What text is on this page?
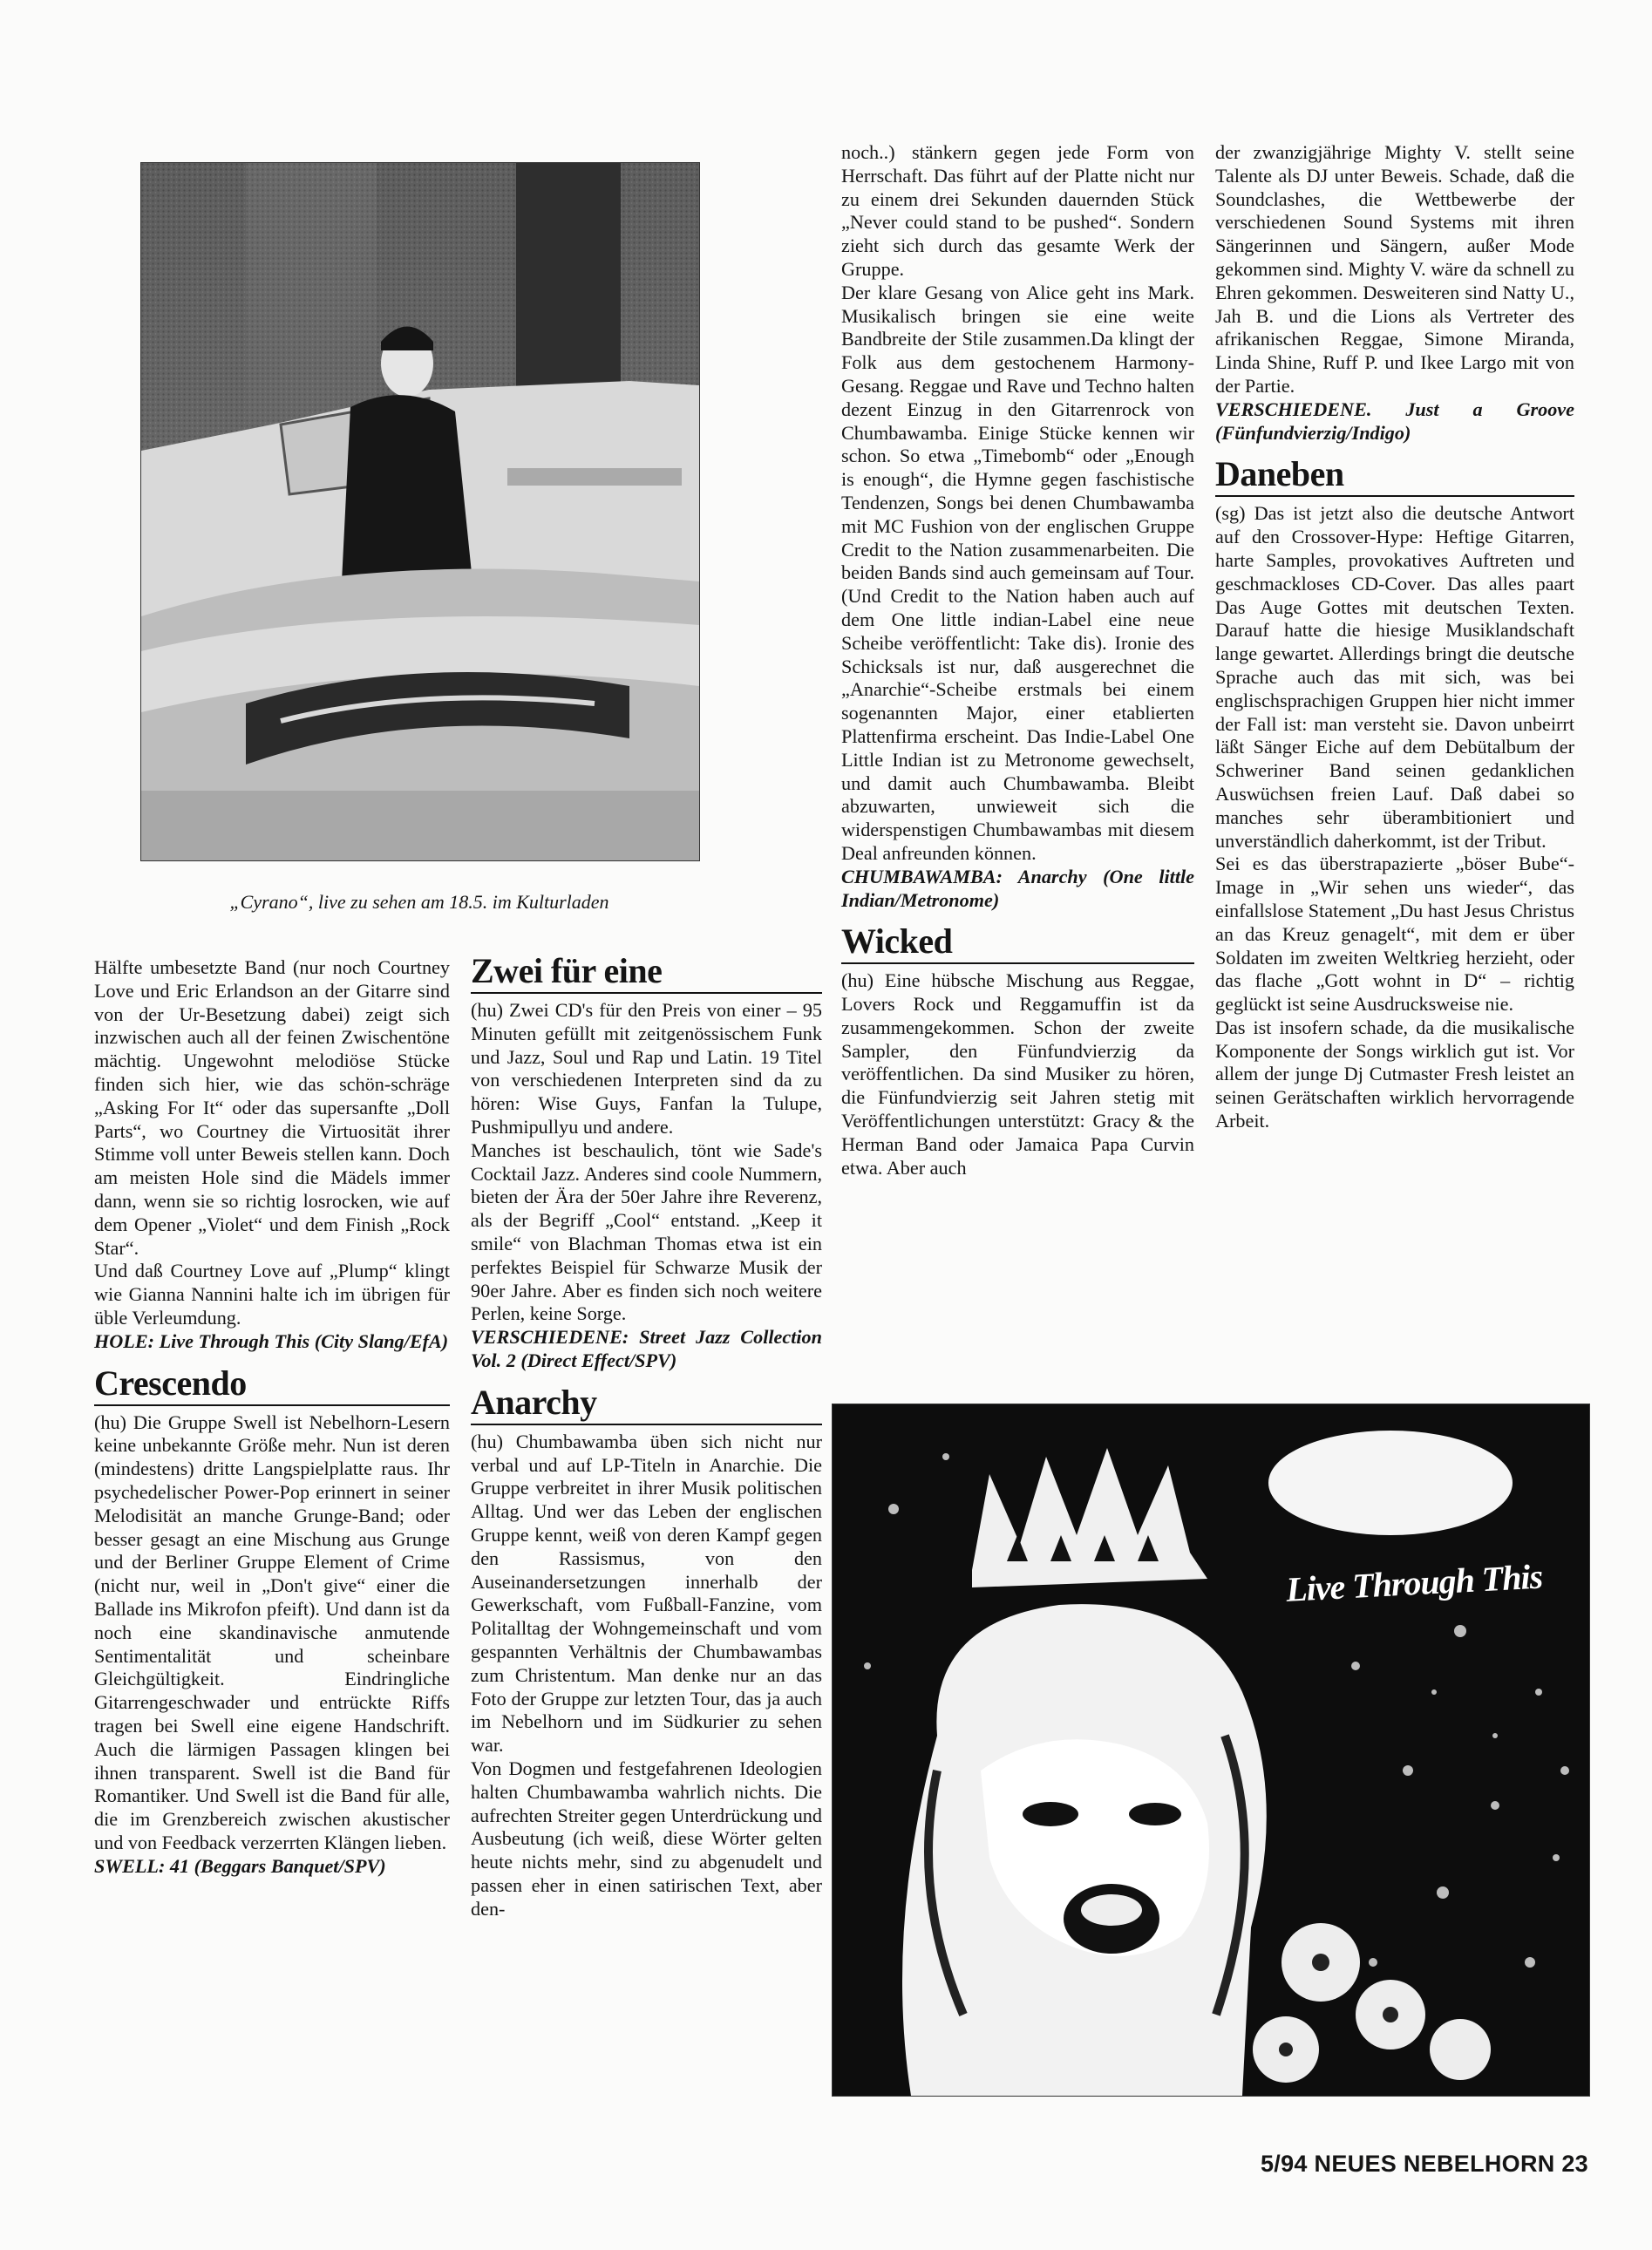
„Cyrano“, live zu sehen am 18.5. im Kulturladen

Hälfte umbesetzte Band (nur noch Courtney Love und Eric Erlandson an der Gitarre sind von der Ur-Besetzung dabei) zeigt sich inzwischen auch all der feinen Zwischentöne mächtig. Ungewohnt melodiöse Stücke finden sich hier, wie das schön-schräge „Asking For It“ oder das supersanfte „Doll Parts“, wo Courtney die Virtuosität ihrer Stimme voll unter Beweis stellen kann. Doch am meisten Hole sind die Mädels immer dann, wenn sie so richtig losrocken, wie auf dem Opener „Violet“ und dem Finish „Rock Star“.

Und daß Courtney Love auf „Plump“ klingt wie Gianna Nannini halte ich im übrigen für üble Verleumdung.

HOLE: Live Through This (City Slang/EfA)

Crescendo

(hu) Die Gruppe Swell ist Nebelhorn-Lesern keine unbekannte Größe mehr. Nun ist deren (mindestens) dritte Langspielplatte raus. Ihr psychedelischer Power-Pop erinnert in seiner Melodisität an manche Grunge-Band; oder besser gesagt an eine Mischung aus Grunge und der Berliner Gruppe Element of Crime (nicht nur, weil in „Don't give“ einer die Ballade ins Mikrofon pfeift). Und dann ist da noch eine skandinavische anmutende Sentimentalität und scheinbare Gleichgültigkeit. Eindringliche Gitarrengeschwader und entrückte Riffs tragen bei Swell eine eigene Handschrift. Auch die lärmigen Passagen klingen bei ihnen transparent. Swell ist die Band für Romantiker. Und Swell ist die Band für alle, die im Grenzbereich zwischen akustischer und von Feedback verzerrten Klängen lieben.

SWELL: 41 (Beggars Banquet/SPV)

Zwei für eine

(hu) Zwei CD's für den Preis von einer – 95 Minuten gefüllt mit zeitgenössischem Funk und Jazz, Soul und Rap und Latin. 19 Titel von verschiedenen Interpreten sind da zu hören: Wise Guys, Fanfan la Tulupe, Pushmipullyu und andere.

Manches ist beschaulich, tönt wie Sade's Cocktail Jazz. Anderes sind coole Nummern, bieten der Ära der 50er Jahre ihre Reverenz, als der Begriff „Cool“ entstand. „Keep it smile“ von Blachman Thomas etwa ist ein perfektes Beispiel für Schwarze Musik der 90er Jahre. Aber es finden sich noch weitere Perlen, keine Sorge.

VERSCHIEDENE: Street Jazz Collection Vol. 2 (Direct Effect/SPV)

Anarchy

(hu) Chumbawamba üben sich nicht nur verbal und auf LP-Titeln in Anarchie. Die Gruppe verbreitet in ihrer Musik politischen Alltag. Und wer das Leben der englischen Gruppe kennt, weiß von deren Kampf gegen den Rassismus, von den Auseinandersetzungen innerhalb der Gewerkschaft, vom Fußball-Fanzine, vom Politalltag der Wohngemeinschaft und vom gespannten Verhältnis der Chumbawambas zum Christentum. Man denke nur an das Foto der Gruppe zur letzten Tour, das ja auch im Nebelhorn und im Südkurier zu sehen war.

Von Dogmen und festgefahrenen Ideologien halten Chumbawamba wahrlich nichts. Die aufrechten Streiter gegen Unterdrückung und Ausbeutung (ich weiß, diese Wörter gelten heute nichts mehr, sind zu abgenudelt und passen eher in einen satirischen Text, aber den-

noch..) stänkern gegen jede Form von Herrschaft. Das führt auf der Platte nicht nur zu einem drei Sekunden dauernden Stück „Never could stand to be pushed“. Sondern zieht sich durch das gesamte Werk der Gruppe.

Der klare Gesang von Alice geht ins Mark. Musikalisch bringen sie eine weite Bandbreite der Stile zusammen.Da klingt der Folk aus dem gestochenem Harmony-Gesang. Reggae und Rave und Techno halten dezent Einzug in den Gitarrenrock von Chumbawamba. Einige Stücke kennen wir schon. So etwa „Timebomb“ oder „Enough is enough“, die Hymne gegen faschistische Tendenzen, Songs bei denen Chumbawamba mit MC Fushion von der englischen Gruppe Credit to the Nation zusammenarbeiten. Die beiden Bands sind auch gemeinsam auf Tour. (Und Credit to the Nation haben auch auf dem One little indian-Label eine neue Scheibe veröffentlicht: Take dis). Ironie des Schicksals ist nur, daß ausgerechnet die „Anarchie“-Scheibe erstmals bei einem sogenannten Major, einer etablierten Plattenfirma erscheint. Das Indie-Label One Little Indian ist zu Metronome gewechselt, und damit auch Chumbawamba. Bleibt abzuwarten, unwieweit sich die widerspenstigen Chumbawambas mit diesem Deal anfreunden können.

CHUMBAWAMBA: Anarchy (One little Indian/Metronome)

Wicked

(hu) Eine hübsche Mischung aus Reggae, Lovers Rock und Reggamuffin ist da zusammengekommen. Schon der zweite Sampler, den Fünfundvierzig da veröffentlichen. Da sind Musiker zu hören, die Fünfundvierzig seit Jahren stetig mit Veröffentlichungen unterstützt: Gracy & the Herman Band oder Jamaica Papa Curvin etwa. Aber auch

der zwanzigjährige Mighty V. stellt seine Talente als DJ unter Beweis. Schade, daß die Soundclashes, die Wettbewerbe der verschiedenen Sound Systems mit ihren Sängerinnen und Sängern, außer Mode gekommen sind. Mighty V. wäre da schnell zu Ehren gekommen. Desweiteren sind Natty U., Jah B. und die Lions als Vertreter des afrikanischen Reggae, Simone Miranda, Linda Shine, Ruff P. und Ikee Largo mit von der Partie.

VERSCHIEDENE. Just a Groove (Fünfundvierzig/Indigo)

Daneben

(sg) Das ist jetzt also die deutsche Antwort auf den Crossover-Hype: Heftige Gitarren, harte Samples, provokatives Auftreten und geschmackloses CD-Cover. Das alles paart Das Auge Gottes mit deutschen Texten. Darauf hatte die hiesige Musiklandschaft lange gewartet. Allerdings bringt die deutsche Sprache auch das mit sich, was bei englischsprachigen Gruppen hier nicht immer der Fall ist: man versteht sie. Davon unbeirrt läßt Sänger Eiche auf dem Debütalbum der Schweriner Band seinen gedanklichen Auswüchsen freien Lauf. Daß dabei so manches sehr überambitioniert und unverständlich daherkommt, ist der Tribut.

Sei es das überstrapazierte „böser Bube“-Image in „Wir sehen uns wieder“, das einfallslose Statement „Du hast Jesus Christus an das Kreuz genagelt“, mit dem er über Soldaten im zweiten Weltkrieg herzieht, oder das flache „Gott wohnt in D“ – richtig geglückt ist seine Ausdrucksweise nie.

Das ist insofern schade, da die musikalische Komponente der Songs wirklich gut ist. Vor allem der junge Dj Cutmaster Fresh leistet an seinen Gerätschaften wirklich hervorragende Arbeit.

Live Through This
5/94 NEUES NEBELHORN 23
